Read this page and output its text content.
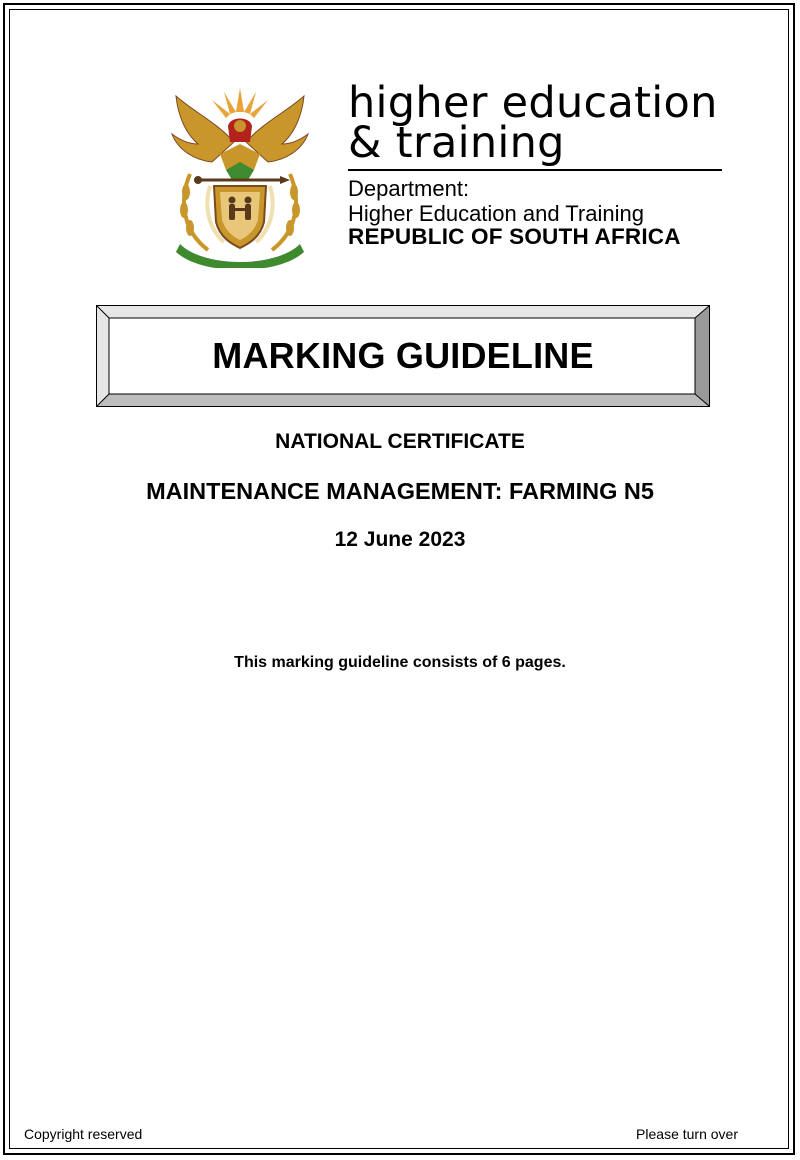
higher education
& training
Department:
Higher Education and Training
REPUBLIC OF SOUTH AFRICA
MARKING GUIDELINE
NATIONAL CERTIFICATE
MAINTENANCE MANAGEMENT: FARMING N5
12 June 2023
This marking guideline consists of 6 pages.
Copyright reserved	Please turn over
